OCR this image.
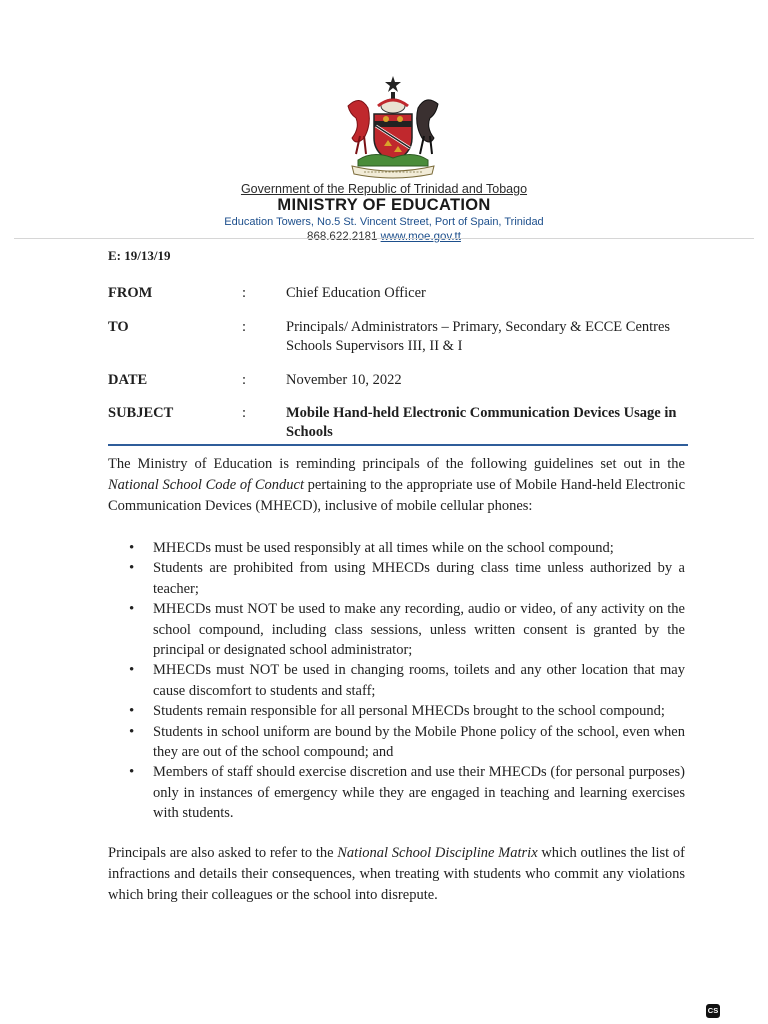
Government of the Republic of Trinidad and Tobago
MINISTRY OF EDUCATION
Education Towers, No.5 St. Vincent Street, Port of Spain, Trinidad
868.622.2181 www.moe.gov.tt
E: 19/13/19
FROM	:	Chief Education Officer
TO	:	Principals/ Administrators – Primary, Secondary & ECCE Centres
Schools Supervisors III, II & I
DATE	:	November 10, 2022
SUBJECT	:	Mobile Hand-held Electronic Communication Devices Usage in Schools

The Ministry of Education is reminding principals of the following guidelines set out in the National School Code of Conduct pertaining to the appropriate use of Mobile Hand-held Electronic Communication Devices (MHECD), inclusive of mobile cellular phones:

• MHECDs must be used responsibly at all times while on the school compound;
• Students are prohibited from using MHECDs during class time unless authorized by a teacher;
• MHECDs must NOT be used to make any recording, audio or video, of any activity on the school compound, including class sessions, unless written consent is granted by the principal or designated school administrator;
• MHECDs must NOT be used in changing rooms, toilets and any other location that may cause discomfort to students and staff;
• Students remain responsible for all personal MHECDs brought to the school compound;
• Students in school uniform are bound by the Mobile Phone policy of the school, even when they are out of the school compound; and
• Members of staff should exercise discretion and use their MHECDs (for personal purposes) only in instances of emergency while they are engaged in teaching and learning exercises with students.

Principals are also asked to refer to the National School Discipline Matrix which outlines the list of infractions and details their consequences, when treating with students who commit any violations which bring their colleagues or the school into disrepute.

CS
